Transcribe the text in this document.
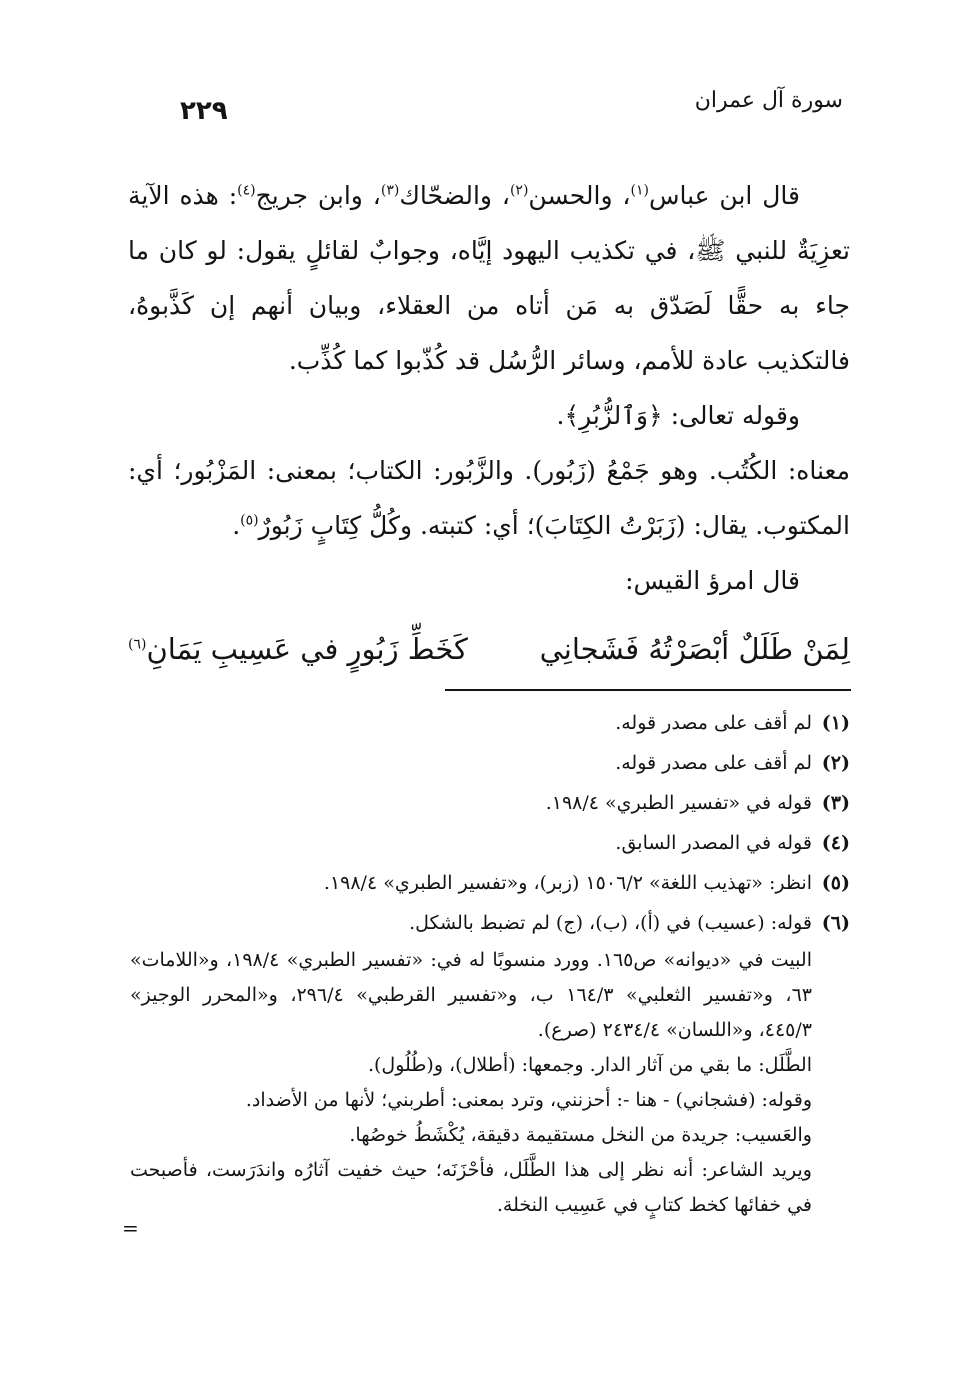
سورة آل عمران
٢٢٩

قال ابن عباس$^{(١)}$، والحسن$^{(٢)}$، والضحّاك$^{(٣)}$، وابن جريج$^{(٤)}$: هذه الآية تعزِيَةٌ للنبي ﷺ، في تكذيب اليهود إيَّاه، وجوابٌ لقائلٍ يقول: لو كان ما جاء به حقًّا لَصَدّق به مَن أتاه من العقلاء، وبيان أنهم إن كَذَّبوهُ، فالتكذيب عادة للأمم، وسائر الرُّسُل قد كُذّبوا كما كُذِّب.

وقوله تعالى: ﴿وَٱلزُّبُرِ﴾.

معناه: الكُتُب. وهو جَمْعُ (زَبُور). والزَّبُور: الكتاب؛ بمعنى: المَزْبُور؛ أي: المكتوب. يقال: (زَبَرْتُ الكِتَابَ)؛ أي: كتبته. وكُلُّ كِتَابٍ زَبُورٌ$^{(٥)}$.

قال امرؤ القيس:

لِمَنْ طَلَلٌ أبْصَرْتُهُ فَشَجانِي
كَخَطِّ زَبُورٍ في عَسِيبِ يَمَانِ$^{(٦)}$
(١)
لم أقف على مصدر قوله.
(٢)
لم أقف على مصدر قوله.
(٣)
قوله في «تفسير الطبري» ١٩٨/٤.
(٤)
قوله في المصدر السابق.
(٥)
انظر: «تهذيب اللغة» ١٥٠٦/٢ (زبر)، و«تفسير الطبري» ١٩٨/٤.
(٦)
قوله: (عسيب) في (أ)، (ب)، (ج) لم تضبط بالشكل.

البيت في «ديوانه» ص١٦٥. وورد منسوبًا له في: «تفسير الطبري» ١٩٨/٤، و«اللامات» ٦٣، و«تفسير الثعلبي» ١٦٤/٣ ب، و«تفسير القرطبي» ٢٩٦/٤، و«المحرر الوجيز» ٤٤٥/٣، و«اللسان» ٢٤٣٤/٤ (صرع).

الطَّلَل: ما بقي من آثار الدار. وجمعها: (أطلال)، و(طُلُول).

وقوله: (فشجاني) - هنا -: أحزنني، وترد بمعنى: أطربني؛ لأنها من الأضداد.

والعَسيب: جريدة من النخل مستقيمة دقيقة، يُكْشَطُ خوصُها.

ويريد الشاعر: أنه نظر إلى هذا الطَّلَل، فأحْزَنَه؛ حيث خفيت آثارُه واندَرَست، فأصبحت في خفائها كخط كتابٍ في عَسِيب النخلة.

=
